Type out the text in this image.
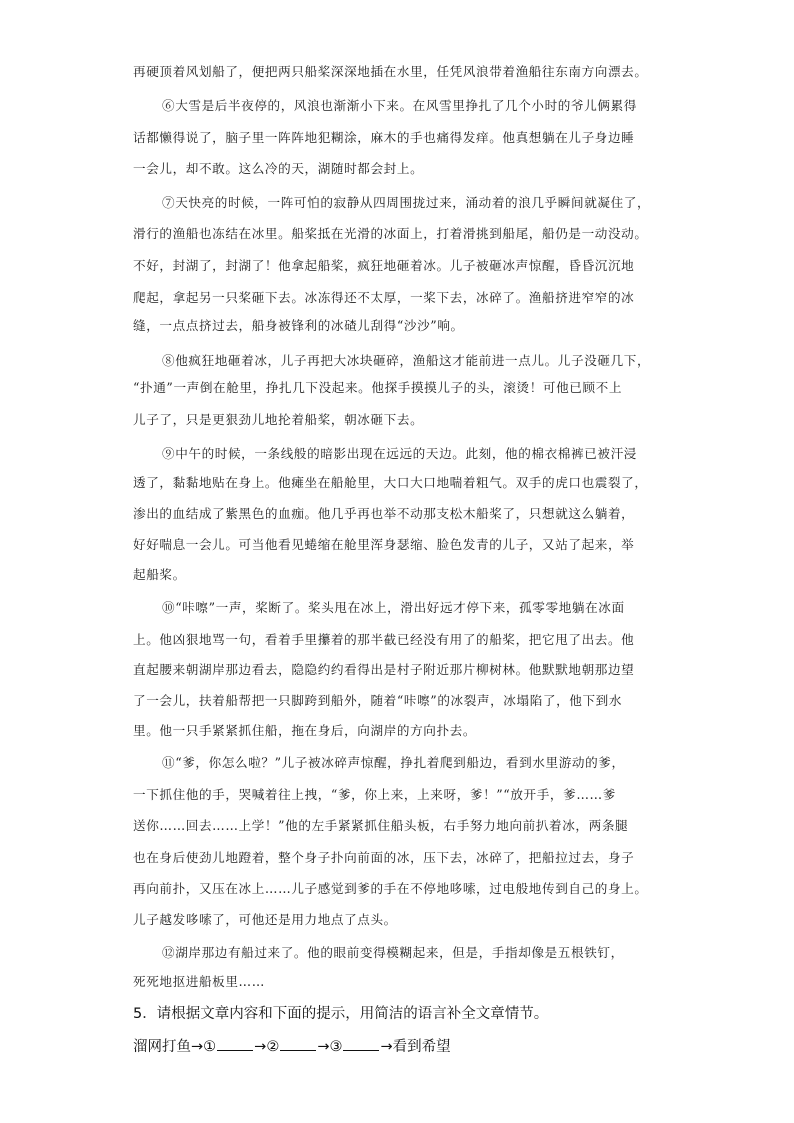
再硬顶着风划船了，便把两只船桨深深地插在水里，任凭风浪带着渔船往东南方向漂去。
⑥大雪是后半夜停的，风浪也渐渐小下来。在风雪里挣扎了几个小时的爷儿俩累得
话都懒得说了，脑子里一阵阵地犯糊涂，麻木的手也痛得发痒。他真想躺在儿子身边睡
一会儿，却不敢。这么冷的天，湖随时都会封上。
⑦天快亮的时候，一阵可怕的寂静从四周围拢过来，涌动着的浪几乎瞬间就凝住了，
滑行的渔船也冻结在冰里。船桨抵在光滑的冰面上，打着滑挑到船尾，船仍是一动没动。
不好，封湖了，封湖了！他拿起船桨，疯狂地砸着冰。儿子被砸冰声惊醒，昏昏沉沉地
爬起，拿起另一只桨砸下去。冰冻得还不太厚，一桨下去，冰碎了。渔船挤进窄窄的冰
缝，一点点挤过去，船身被锋利的冰碴儿刮得“沙沙”响。
⑧他疯狂地砸着冰，儿子再把大冰块砸碎，渔船这才能前进一点儿。儿子没砸几下，
“扑通”一声倒在舱里，挣扎几下没起来。他探手摸摸儿子的头，滚烫！可他已顾不上
儿子了，只是更狠劲儿地抡着船桨，朝冰砸下去。
⑨中午的时候，一条线般的暗影出现在远远的天边。此刻，他的棉衣棉裤已被汗浸
透了，黏黏地贴在身上。他瘫坐在船舱里，大口大口地喘着粗气。双手的虎口也震裂了，
渗出的血结成了紫黑色的血痂。他几乎再也举不动那支松木船桨了，只想就这么躺着，
好好喘息一会儿。可当他看见蜷缩在舱里浑身瑟缩、脸色发青的儿子，又站了起来，举
起船桨。
⑩“咔嚓”一声，桨断了。桨头甩在冰上，滑出好远才停下来，孤零零地躺在冰面
上。他凶狠地骂一句，看着手里攥着的那半截已经没有用了的船桨，把它甩了出去。他
直起腰来朝湖岸那边看去，隐隐约约看得出是村子附近那片柳树林。他默默地朝那边望
了一会儿，扶着船帮把一只脚跨到船外，随着“咔嚓”的冰裂声，冰塌陷了，他下到水
里。他一只手紧紧抓住船，拖在身后，向湖岸的方向扑去。
⑪“爹，你怎么啦？”儿子被冰碎声惊醒，挣扎着爬到船边，看到水里游动的爹，
一下抓住他的手，哭喊着往上拽，“爹，你上来，上来呀，爹！”“放开手，爹……爹
送你……回去……上学！”他的左手紧紧抓住船头板，右手努力地向前扒着冰，两条腿
也在身后使劲儿地蹬着，整个身子扑向前面的冰，压下去，冰碎了，把船拉过去，身子
再向前扑，又压在冰上……儿子感觉到爹的手在不停地哆嗦，过电般地传到自己的身上。
儿子越发哆嗦了，可他还是用力地点了点头。
⑫湖岸那边有船过来了。他的眼前变得模糊起来，但是，手指却像是五根铁钉，
死死地抠进船板里……
5．请根据文章内容和下面的提示，用简洁的语言补全文章情节。
溜网打鱼→①	→②	→③	→看到希望
